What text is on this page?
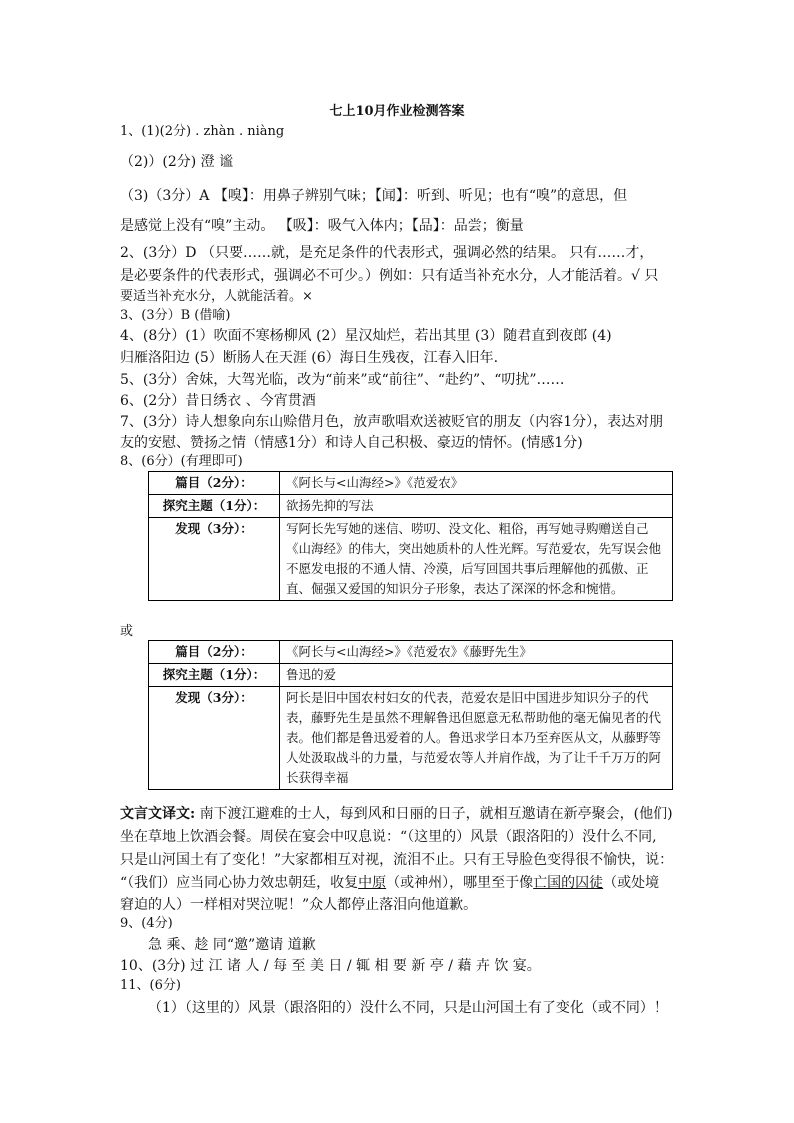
七上10月作业检测答案
1、(1)(2分) . zhàn . niàng
（2)）(2分) 澄 谧
（3)（3分）A 【嗅】：用鼻子辨别气味；【闻】：听到、听见；也有“嗅”的意思，但
是感觉上没有“嗅”主动。 【吸】：吸气入体内；【品】：品尝；衡量
2、(3分）D （只要……就，是充足条件的代表形式，强调必然的结果。 只有……才，
是必要条件的代表形式，强调必不可少。）例如：只有适当补充水分，人才能活着。√ 只
要适当补充水分，人就能活着。×
3、(3分）B (借喻)
4、(8分）(1）吹面不寒杨柳风 (2）星汉灿烂，若出其里 (3）随君直到夜郎 (4)
归雁洛阳边 (5）断肠人在天涯 (6）海日生残夜，江春入旧年.
5、(3分）舍妹，大驾光临，改为“前来”或“前往”、“赴约”、“叨扰”……
6、(2分）昔日绣衣 、今宵贯酒
7、(3分）诗人想象向东山赊借月色，放声歌唱欢送被贬官的朋友（内容1分），表达对朋
友的安慰、赞扬之情（情感1分）和诗人自己积极、豪迈的情怀。(情感1分)
8、(6分）(有理即可)
篇目（2分）：	《阿长与<山海经>》《范爱农》
探究主题（1分）：	欲扬先抑的写法
发现（3分）：	写阿长先写她的迷信、唠叨、没文化、粗俗，再写她寻购赠送自己《山海经》的伟大，突出她质朴的人性光辉。写范爱农，先写误会他不愿发电报的不通人情、冷漠，后写回国共事后理解他的孤傲、正直、倔强又爱国的知识分子形象，表达了深深的怀念和惋惜。
或
篇目（2分）：	《阿长与<山海经>》《范爱农》《藤野先生》
探究主题（1分）：	鲁迅的爱
发现（3分）：	阿长是旧中国农村妇女的代表，范爱农是旧中国进步知识分子的代表，藤野先生是虽然不理解鲁迅但愿意无私帮助他的毫无偏见者的代表。他们都是鲁迅爱着的人。鲁迅求学日本乃至弃医从文，从藤野等人处汲取战斗的力量，与范爱农等人并肩作战，为了让千千万万的阿长获得幸福
文言文译文: 南下渡江避难的士人，每到风和日丽的日子，就相互邀请在新亭聚会，(他们)
坐在草地上饮酒会餐。周侯在宴会中叹息说：“（这里的）风景（跟洛阳的）没什么不同,
只是山河国土有了变化！”大家都相互对视，流泪不止。只有王导脸色变得很不愉快，说：
“（我们）应当同心协力效忠朝廷，收复中原（或神州），哪里至于像亡国的囚徒（或处境
窘迫的人）一样相对哭泣呢！”众人都停止落泪向他道歉。
9、(4分)
急 乘、趁 同“邀”邀请 道歉
10、(3分) 过 江 诸 人 / 每 至 美 日 / 辄 相 要 新 亭 / 藉 卉 饮 宴。
11、(6分)
（1）（这里的）风景（跟洛阳的）没什么不同，只是山河国土有了变化（或不同）！
